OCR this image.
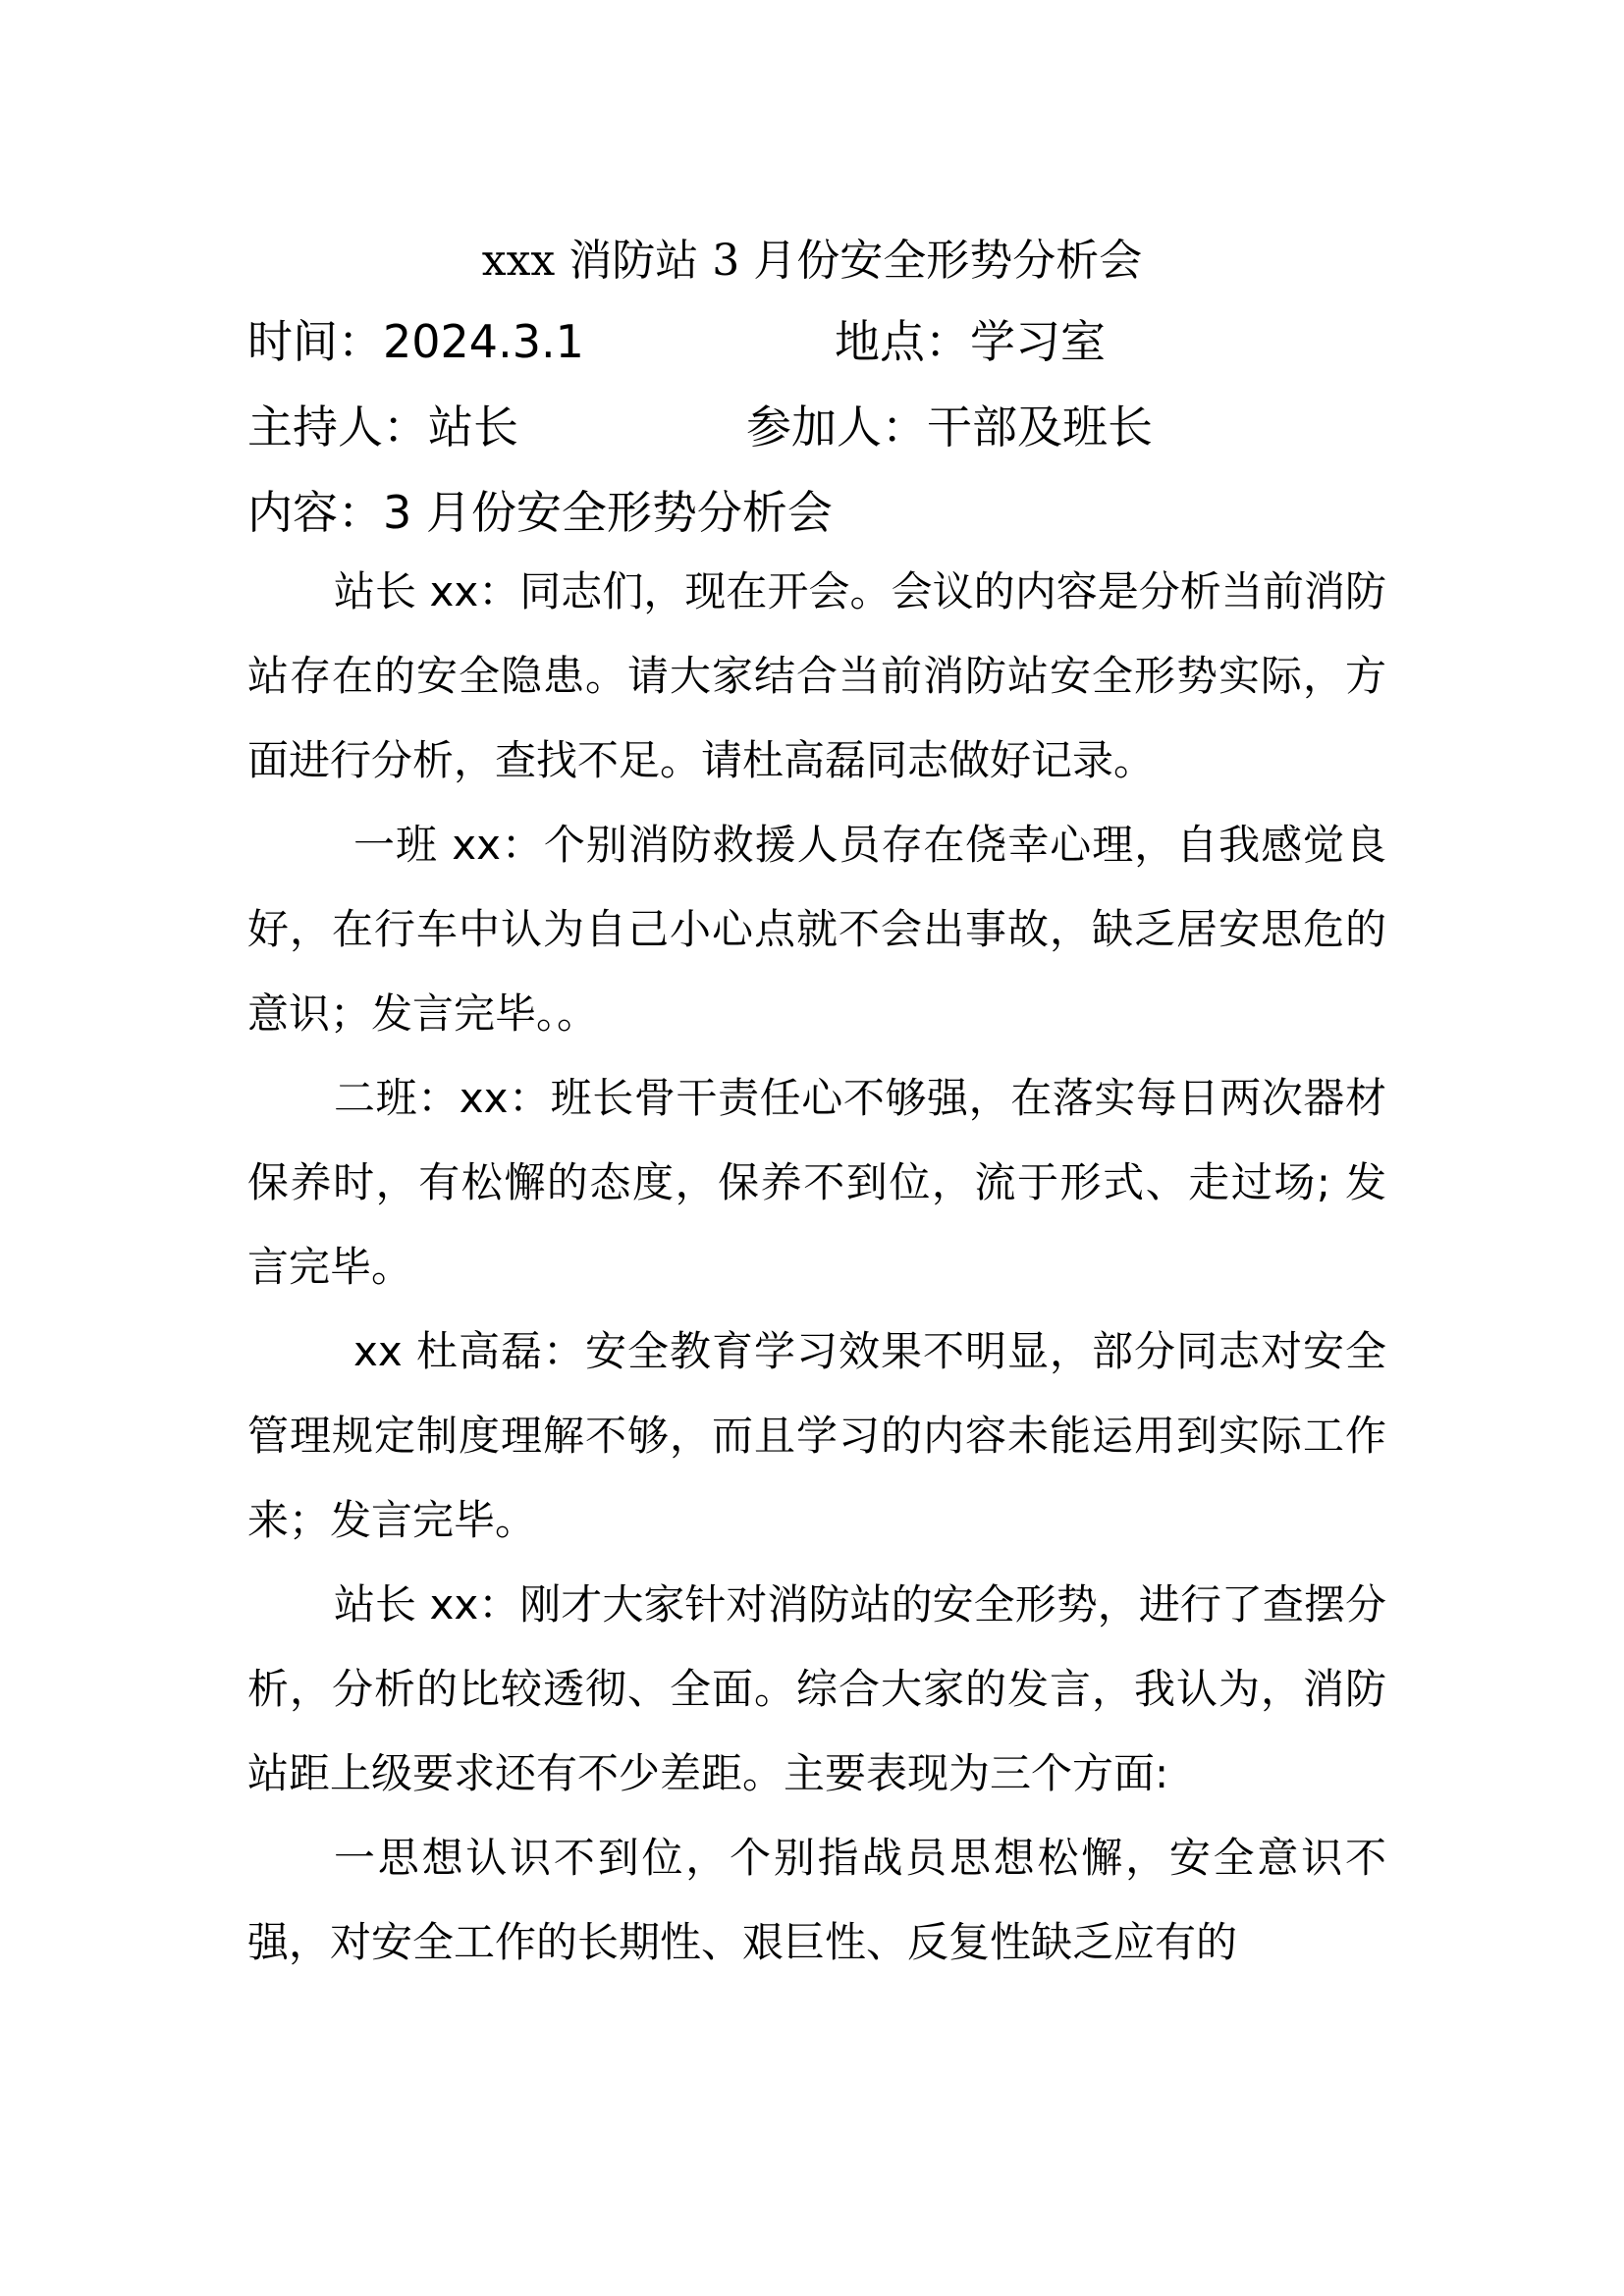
xxx 消防站 3 月份安全形势分析会
时间：2024.3.1	地点：学习室
主持人：站长	参加人：干部及班长
内容：3 月份安全形势分析会

站长 xx：同志们，现在开会。会议的内容是分析当前消防站存在的安全隐患。请大家结合当前消防站安全形势实际，方面进行分析，查找不足。请杜高磊同志做好记录。

一班 xx：个别消防救援人员存在侥幸心理，自我感觉良好，在行车中认为自己小心点就不会出事故，缺乏居安思危的意识；发言完毕。。

二班：xx：班长骨干责任心不够强，在落实每日两次器材保养时，有松懈的态度，保养不到位，流于形式、走过场; 发言完毕。

xx 杜高磊：安全教育学习效果不明显，部分同志对安全管理规定制度理解不够，而且学习的内容未能运用到实际工作来；发言完毕。

站长 xx：刚才大家针对消防站的安全形势，进行了查摆分析，分析的比较透彻、全面。综合大家的发言，我认为，消防站距上级要求还有不少差距。主要表现为三个方面:

一思想认识不到位，个别指战员思想松懈，安全意识不强，对安全工作的长期性、艰巨性、反复性缺乏应有的
